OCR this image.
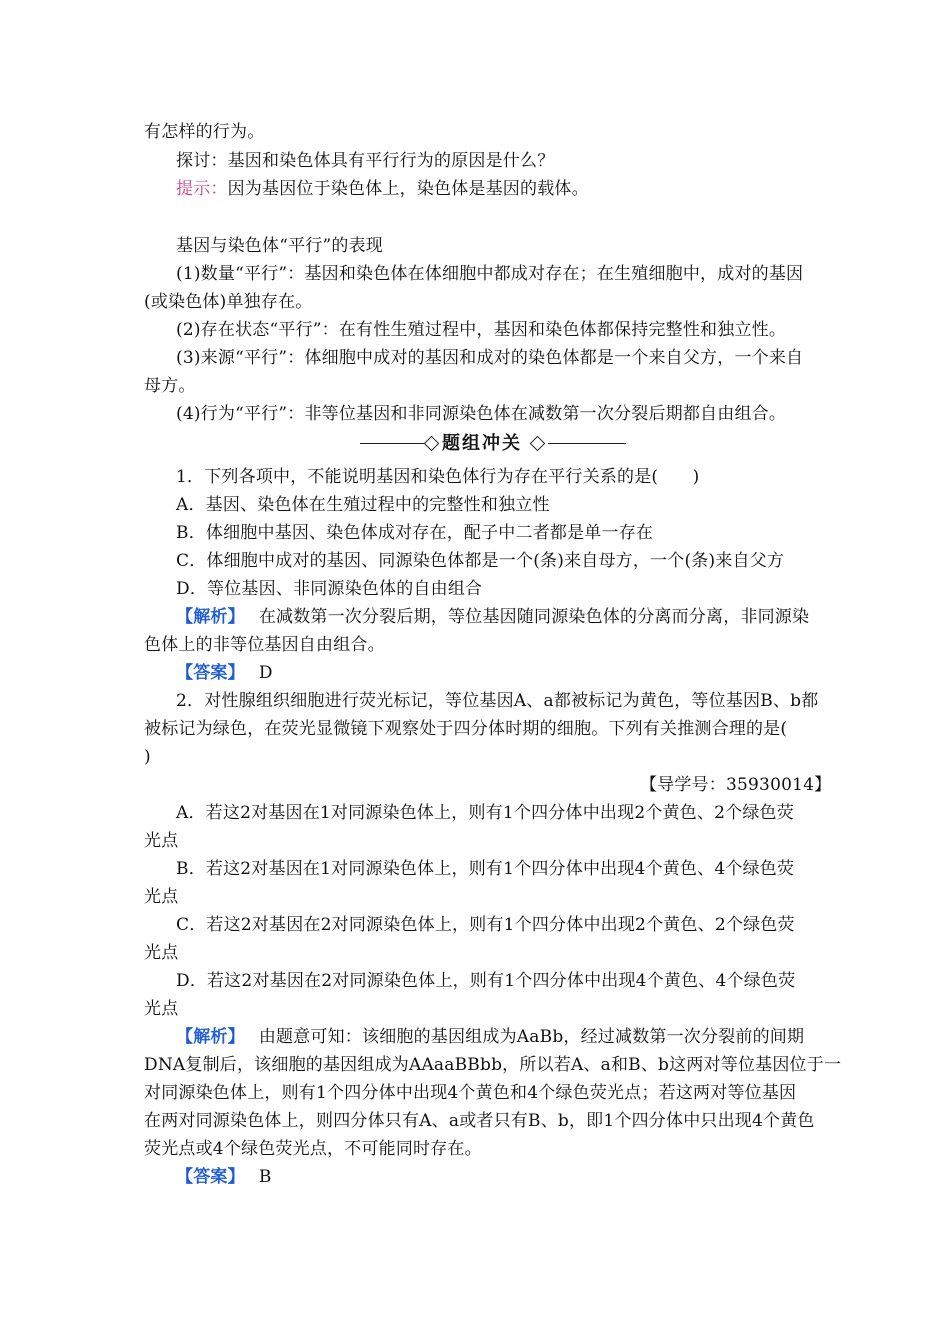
有怎样的行为。
探讨：基因和染色体具有平行行为的原因是什么？
提示：因为基因位于染色体上，染色体是基因的载体。
基因与染色体“平行”的表现
(1)数量“平行”：基因和染色体在体细胞中都成对存在；在生殖细胞中，成对的基因
(或染色体)单独存在。
(2)存在状态“平行”：在有性生殖过程中，基因和染色体都保持完整性和独立性。
(3)来源“平行”：体细胞中成对的基因和成对的染色体都是一个来自父方，一个来自
母方。
(4)行为“平行”：非等位基因和非同源染色体在减数第一次分裂后期都自由组合。
题组冲关
1．下列各项中，不能说明基因和染色体行为存在平行关系的是(　　)
A．基因、染色体在生殖过程中的完整性和独立性
B．体细胞中基因、染色体成对存在，配子中二者都是单一存在
C．体细胞中成对的基因、同源染色体都是一个(条)来自母方，一个(条)来自父方
D．等位基因、非同源染色体的自由组合
【解析】 在减数第一次分裂后期，等位基因随同源染色体的分离而分离，非同源染
色体上的非等位基因自由组合。
【答案】 D
2．对性腺组织细胞进行荧光标记，等位基因A、a都被标记为黄色，等位基因B、b都
被标记为绿色，在荧光显微镜下观察处于四分体时期的细胞。下列有关推测合理的是(
)
【导学号：35930014】
A．若这2对基因在1对同源染色体上，则有1个四分体中出现2个黄色、2个绿色荧
光点
B．若这2对基因在1对同源染色体上，则有1个四分体中出现4个黄色、4个绿色荧
光点
C．若这2对基因在2对同源染色体上，则有1个四分体中出现2个黄色、2个绿色荧
光点
D．若这2对基因在2对同源染色体上，则有1个四分体中出现4个黄色、4个绿色荧
光点
【解析】 由题意可知：该细胞的基因组成为AaBb，经过减数第一次分裂前的间期
DNA复制后，该细胞的基因组成为AAaaBBbb，所以若A、a和B、b这两对等位基因位于一
对同源染色体上，则有1个四分体中出现4个黄色和4个绿色荧光点；若这两对等位基因
在两对同源染色体上，则四分体只有A、a或者只有B、b，即1个四分体中只出现4个黄色
荧光点或4个绿色荧光点，不可能同时存在。
【答案】 B
